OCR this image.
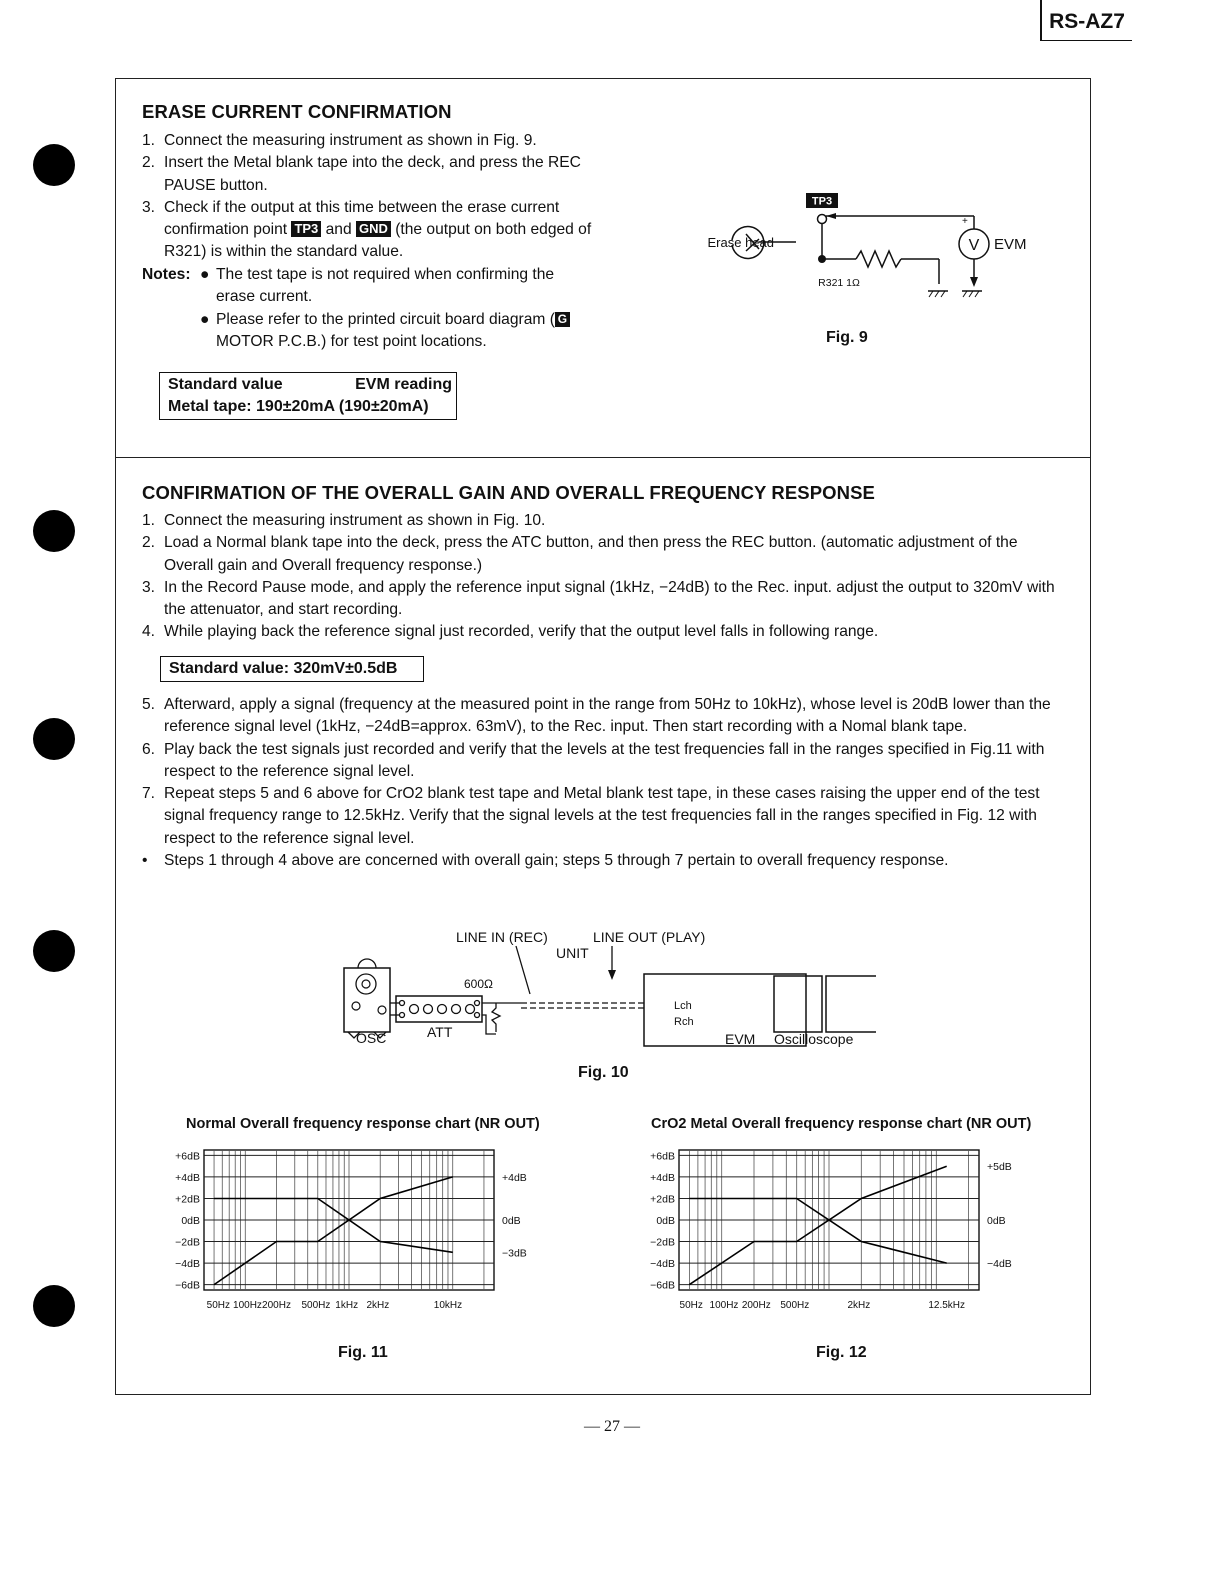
RS-AZ7
ERASE CURRENT CONFIRMATION
1. Connect the measuring instrument as shown in Fig. 9.
2. Insert the Metal blank tape into the deck, and press the REC PAUSE button.
3. Check if the output at this time between the erase current confirmation point TP3 and GND (the output on both edged of R321) is within the standard value.
Notes: ● The test tape is not required when confirming the erase current.
● Please refer to the printed circuit board diagram ( G MOTOR P.C.B.) for test point locations.
Standard value	EVM reading
Metal tape: 190±20mA (190±20mA)
TP3
Erase head
R321 1Ω
V
+
EVM
Fig. 9
CONFIRMATION OF THE OVERALL GAIN AND OVERALL FREQUENCY RESPONSE
1. Connect the measuring instrument as shown in Fig. 10.
2. Load a Normal blank tape into the deck, press the ATC button, and then press the REC button. (automatic adjustment of the Overall gain and Overall frequency response.)
3. In the Record Pause mode, and apply the reference input signal (1kHz, −24dB) to the Rec. input. adjust the output to 320mV with the attenuator, and start recording.
4. While playing back the reference signal just recorded, verify that the output level falls in following range.
Standard value: 320mV±0.5dB
5. Afterward, apply a signal (frequency at the measured point in the range from 50Hz to 10kHz), whose level is 20dB lower than the reference signal level (1kHz, −24dB=approx. 63mV), to the Rec. input. Then start recording with a Nomal blank tape.
6. Play back the test signals just recorded and verify that the levels at the test frequencies fall in the ranges specified in Fig.11 with respect to the reference signal level.
7. Repeat steps 5 and 6 above for CrO2 blank test tape and Metal blank test tape, in these cases raising the upper end of the test signal frequency range to 12.5kHz. Verify that the signal levels at the test frequencies fall in the ranges specified in Fig. 12 with respect to the reference signal level.
• Steps 1 through 4 above are concerned with overall gain; steps 5 through 7 pertain to overall frequency response.
LINE IN (REC)	LINE OUT (PLAY)
UNIT
600Ω
OSC	ATT	EVM Oscilloscope
Lch
Rch
Fig. 10
Normal Overall frequency response chart (NR OUT)
+6dB
+4dB
+2dB
0dB
−2dB
−4dB
−6dB
50Hz 100Hz 200Hz 500Hz 1kHz 2kHz	10kHz
+4dB
0dB
−3dB
Fig. 11
CrO2 Metal Overall frequency response chart (NR OUT)
+6dB
+4dB
+2dB
0dB
−2dB
−4dB
−6dB
50Hz 100Hz 200Hz 500Hz	2kHz	12.5kHz
+5dB
0dB
−4dB
Fig. 12
— 27 —
